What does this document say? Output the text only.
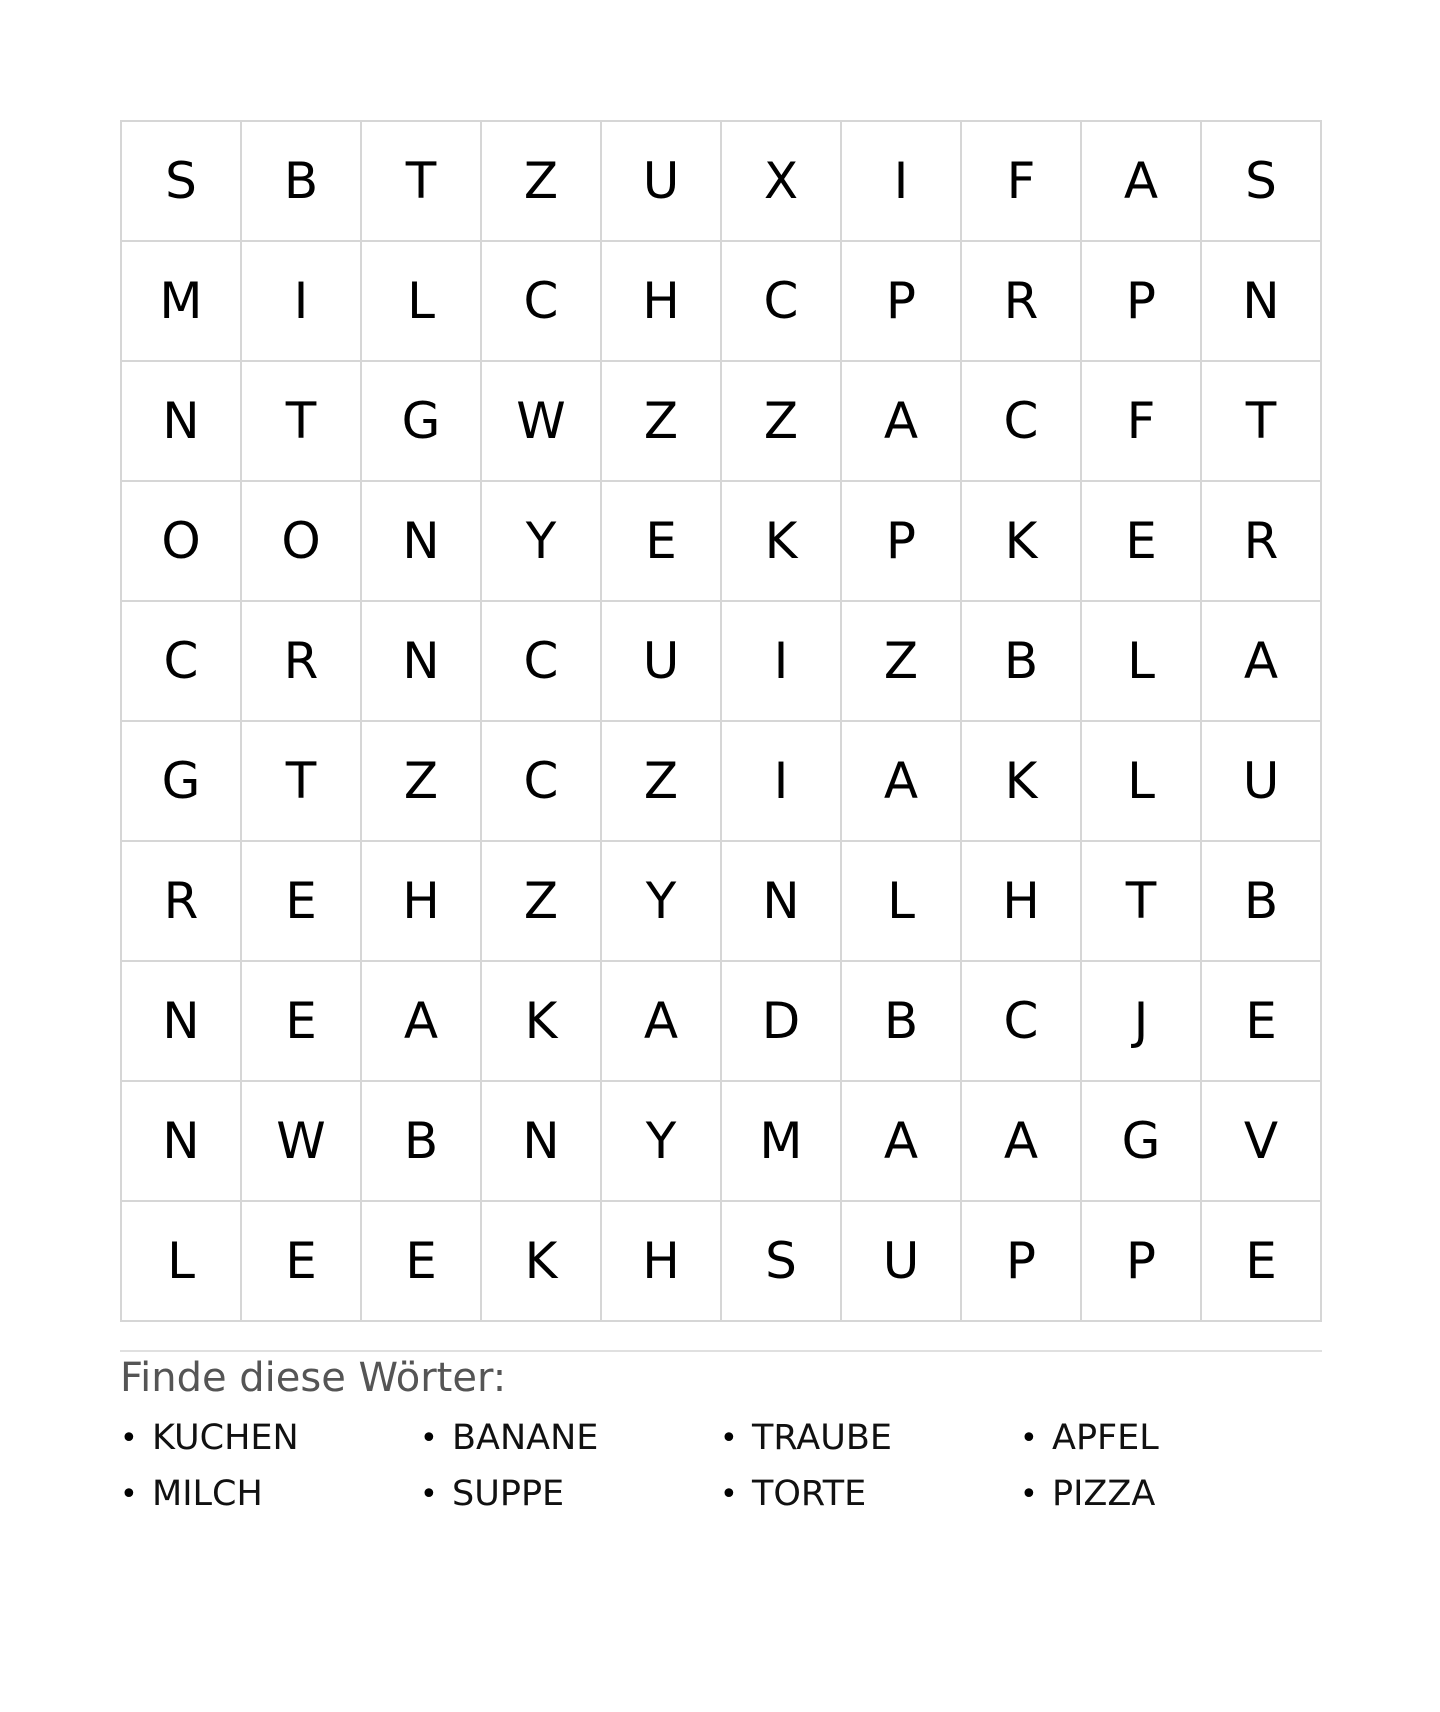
S	B	T	Z	U	X	I	F	A	S
M	I	L	C	H	C	P	R	P	N
N	T	G	W	Z	Z	A	C	F	T
O	O	N	Y	E	K	P	K	E	R
C	R	N	C	U	I	Z	B	L	A
G	T	Z	C	Z	I	A	K	L	U
R	E	H	Z	Y	N	L	H	T	B
N	E	A	K	A	D	B	C	J	E
N	W	B	N	Y	M	A	A	G	V
L	E	E	K	H	S	U	P	P	E
Finde diese Wörter:
• KUCHEN	• BANANE	• TRAUBE	• APFEL
• MILCH	• SUPPE	• TORTE	• PIZZA
